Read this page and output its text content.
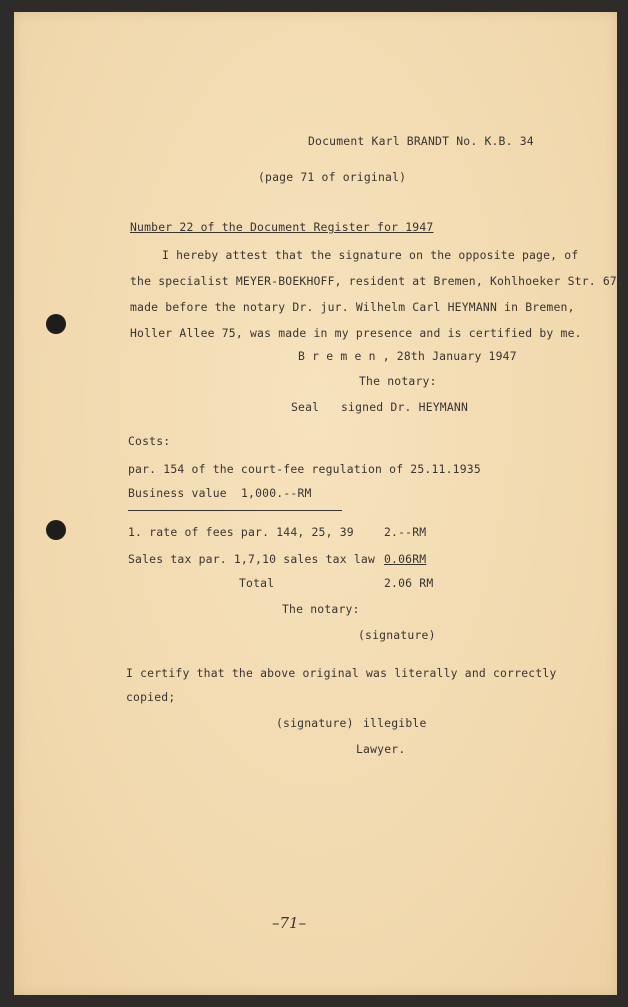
Document Karl BRANDT No. K.B. 34
(page 71 of original)
Number 22 of the Document Register for 1947
I hereby attest that the signature on the opposite page, of
the specialist MEYER-BOEKHOFF, resident at Bremen, Kohlhoeker Str. 67,
made before the notary Dr. jur. Wilhelm Carl HEYMANN in Bremen,
Holler Allee 75, was made in my presence and is certified by me.
B r e m e n , 28th January 1947
The notary:
Seal signed Dr. HEYMANN
Costs:
par. 154 of the court-fee regulation of 25.11.1935
Business value 1,000.--RM
1. rate of fees par. 144, 25, 39	2.--RM
Sales tax par. 1,7,10 sales tax law 0.06RM
Total	2.06 RM
The notary:
(signature)
I certify that the above original was literally and correctly
copied;
(signature) illegible
Lawyer.
–71–
